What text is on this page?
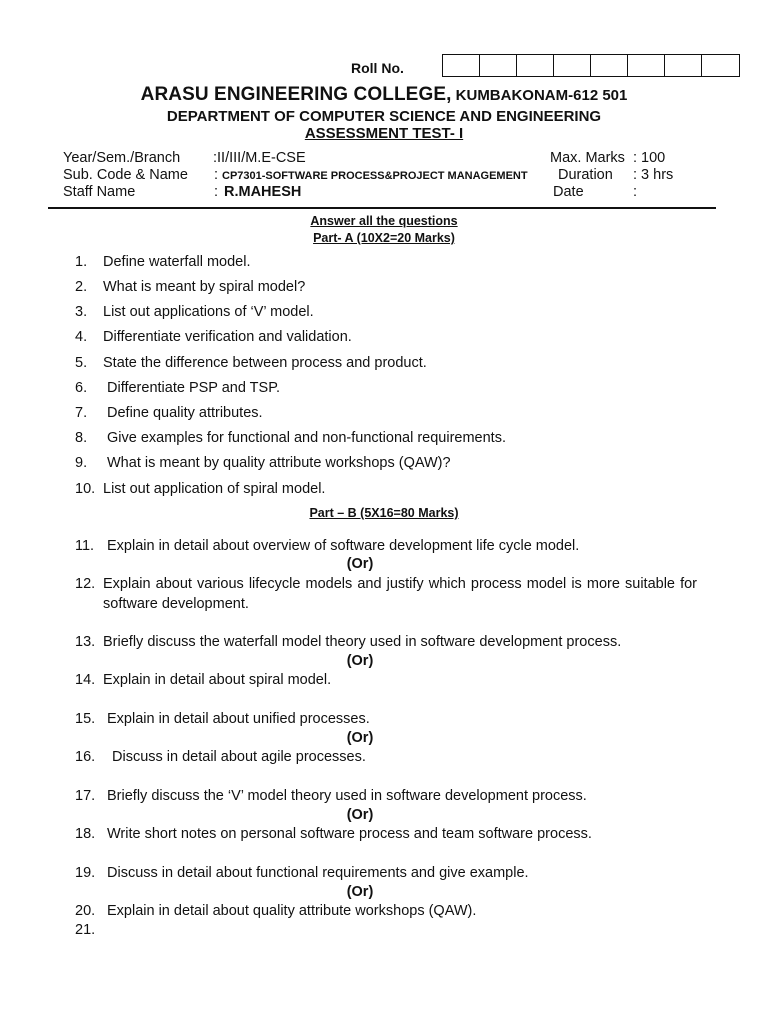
Roll No.
ARASU ENGINEERING COLLEGE, KUMBAKONAM-612 501
DEPARTMENT OF COMPUTER SCIENCE AND ENGINEERING
ASSESSMENT TEST- I
Year/Sem./Branch :II/III/M.E-CSE
Sub. Code & Name : CP7301-SOFTWARE PROCESS&PROJECT MANAGEMENT
Staff Name	: R.MAHESH
Max. Marks : 100
Duration : 3 hrs
Date	:
Answer all the questions
Part- A (10X2=20 Marks)
1. Define waterfall model.
2. What is meant by spiral model?
3. List out applications of ‘V’ model.
4. Differentiate verification and validation.
5. State the difference between process and product.
6. Differentiate PSP and TSP.
7. Define quality attributes.
8. Give examples for functional and non-functional requirements.
9. What is meant by quality attribute workshops (QAW)?
10. List out application of spiral model.
Part – B (5X16=80 Marks)
11. Explain in detail about overview of software development life cycle model.
(Or)
12. Explain about various lifecycle models and justify which process model is more suitable for software development.
13. Briefly discuss the waterfall model theory used in software development process.
(Or)
14. Explain in detail about spiral model.
15. Explain in detail about unified processes.
(Or)
16. Discuss in detail about agile processes.
17. Briefly discuss the ‘V’ model theory used in software development process.
(Or)
18. Write short notes on personal software process and team software process.
19. Discuss in detail about functional requirements and give example.
(Or)
20. Explain in detail about quality attribute workshops (QAW).
21.
